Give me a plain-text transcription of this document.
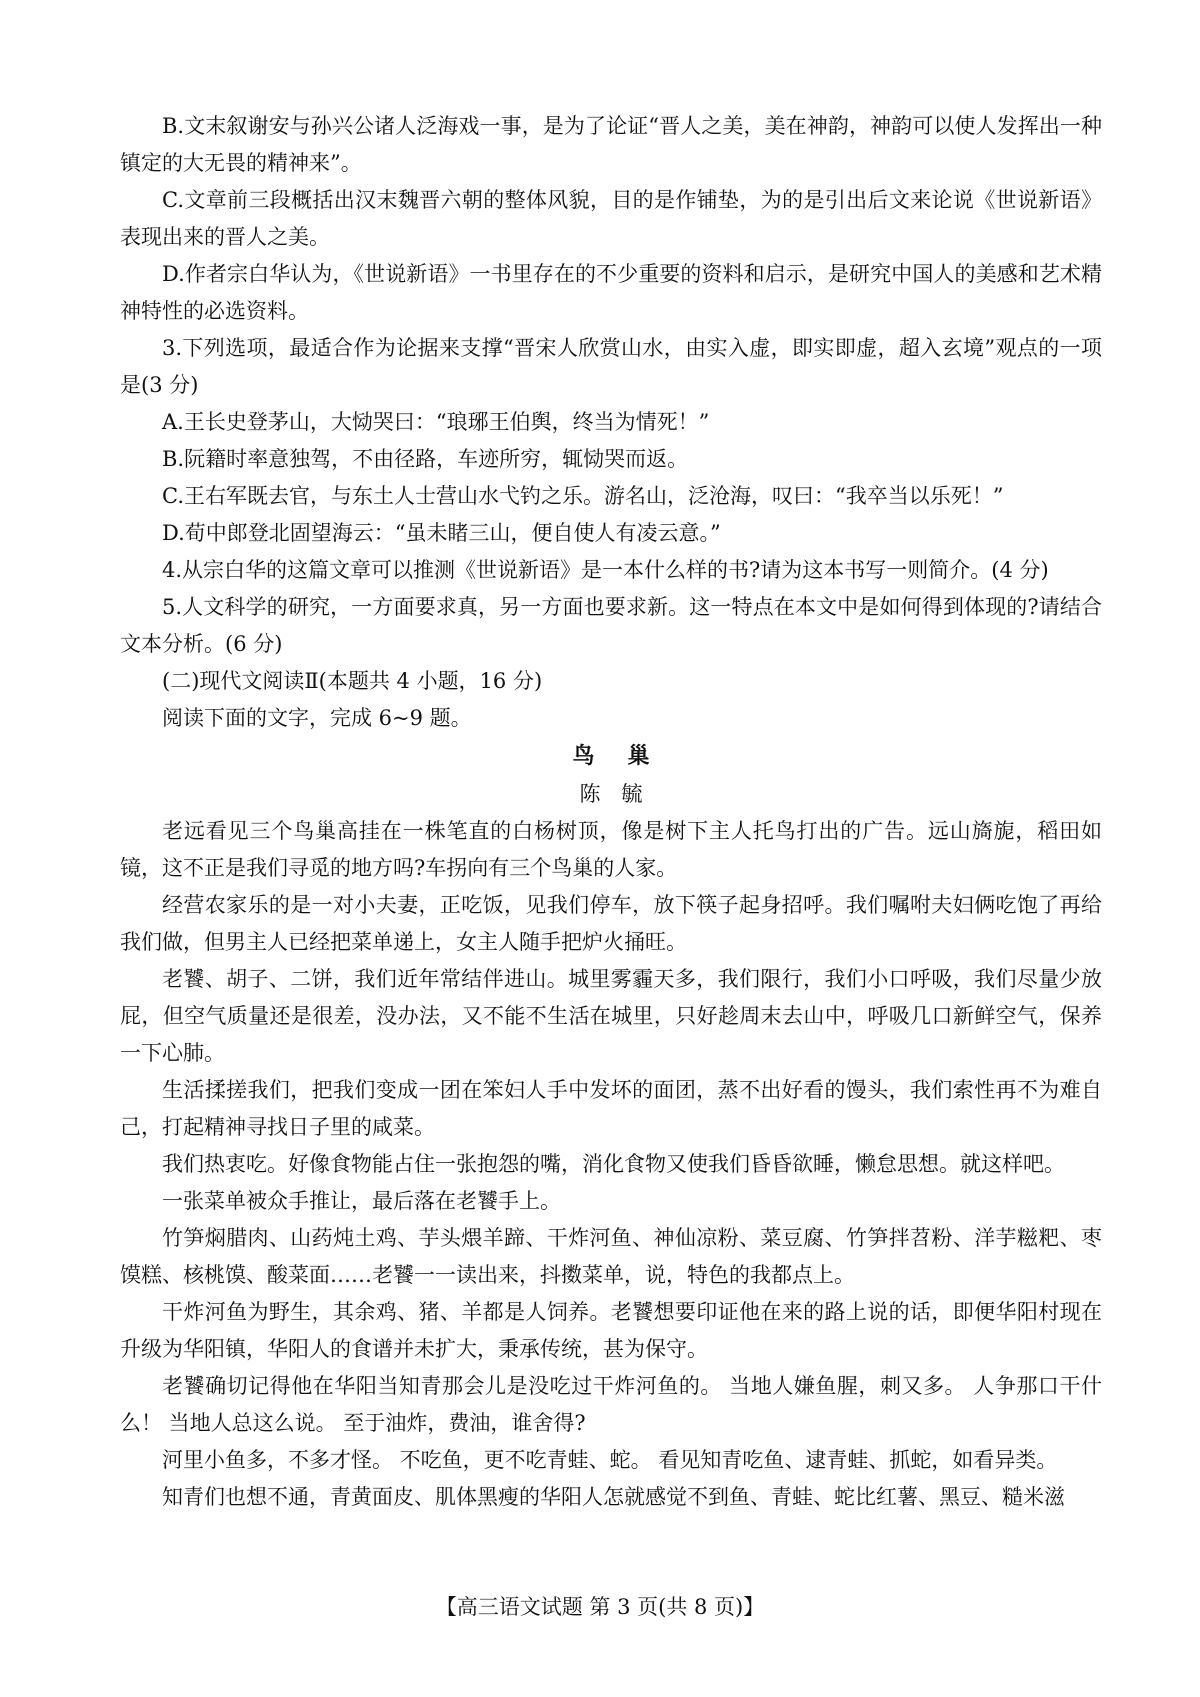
B.文末叙谢安与孙兴公诸人泛海戏一事，是为了论证“晋人之美，美在神韵，神韵可以使人发挥出一种镇定的大无畏的精神来”。

C.文章前三段概括出汉末魏晋六朝的整体风貌，目的是作铺垫，为的是引出后文来论说《世说新语》表现出来的晋人之美。

D.作者宗白华认为，《世说新语》一书里存在的不少重要的资料和启示，是研究中国人的美感和艺术精神特性的必选资料。

3.下列选项，最适合作为论据来支撑“晋宋人欣赏山水，由实入虚，即实即虚，超入玄境”观点的一项是(3 分)

A.王长史登茅山，大恸哭曰：“琅琊王伯舆，终当为情死！”

B.阮籍时率意独驾，不由径路，车迹所穷，辄恸哭而返。

C.王右军既去官，与东土人士营山水弋钓之乐。游名山，泛沧海，叹曰：“我卒当以乐死！”

D.荀中郎登北固望海云：“虽未睹三山，便自使人有凌云意。”

4.从宗白华的这篇文章可以推测《世说新语》是一本什么样的书?请为这本书写一则简介。(4 分)

5.人文科学的研究，一方面要求真，另一方面也要求新。这一特点在本文中是如何得到体现的?请结合文本分析。(6 分)

(二)现代文阅读Ⅱ(本题共 4 小题，16 分)

阅读下面的文字，完成 6~9 题。

鸟巢

陈毓

老远看见三个鸟巢高挂在一株笔直的白杨树顶，像是树下主人托鸟打出的广告。远山旖旎，稻田如镜，这不正是我们寻觅的地方吗?车拐向有三个鸟巢的人家。

经营农家乐的是一对小夫妻，正吃饭，见我们停车，放下筷子起身招呼。我们嘱咐夫妇俩吃饱了再给我们做，但男主人已经把菜单递上，女主人随手把炉火捅旺。

老饕、胡子、二饼，我们近年常结伴进山。城里雾霾天多，我们限行，我们小口呼吸，我们尽量少放屁，但空气质量还是很差，没办法，又不能不生活在城里，只好趁周末去山中，呼吸几口新鲜空气，保养一下心肺。

生活揉搓我们，把我们变成一团在笨妇人手中发坏的面团，蒸不出好看的馒头，我们索性再不为难自己，打起精神寻找日子里的咸菜。

我们热衷吃。好像食物能占住一张抱怨的嘴，消化食物又使我们昏昏欲睡，懒怠思想。就这样吧。

一张菜单被众手推让，最后落在老饕手上。

竹笋焖腊肉、山药炖土鸡、芋头煨羊蹄、干炸河鱼、神仙凉粉、菜豆腐、竹笋拌苕粉、洋芋糍粑、枣馍糕、核桃馍、酸菜面……老饕一一读出来，抖擞菜单，说，特色的我都点上。

干炸河鱼为野生，其余鸡、猪、羊都是人饲养。老饕想要印证他在来的路上说的话，即便华阳村现在升级为华阳镇，华阳人的食谱并未扩大，秉承传统，甚为保守。

老饕确切记得他在华阳当知青那会儿是没吃过干炸河鱼的。 当地人嫌鱼腥，刺又多。 人争那口干什么！ 当地人总这么说。 至于油炸，费油，谁舍得?

河里小鱼多，不多才怪。 不吃鱼，更不吃青蛙、蛇。 看见知青吃鱼、逮青蛙、抓蛇，如看异类。

知青们也想不通，青黄面皮、肌体黑瘦的华阳人怎就感觉不到鱼、青蛙、蛇比红薯、黑豆、糙米滋

【高三语文试题 第 3 页(共 8 页)】
